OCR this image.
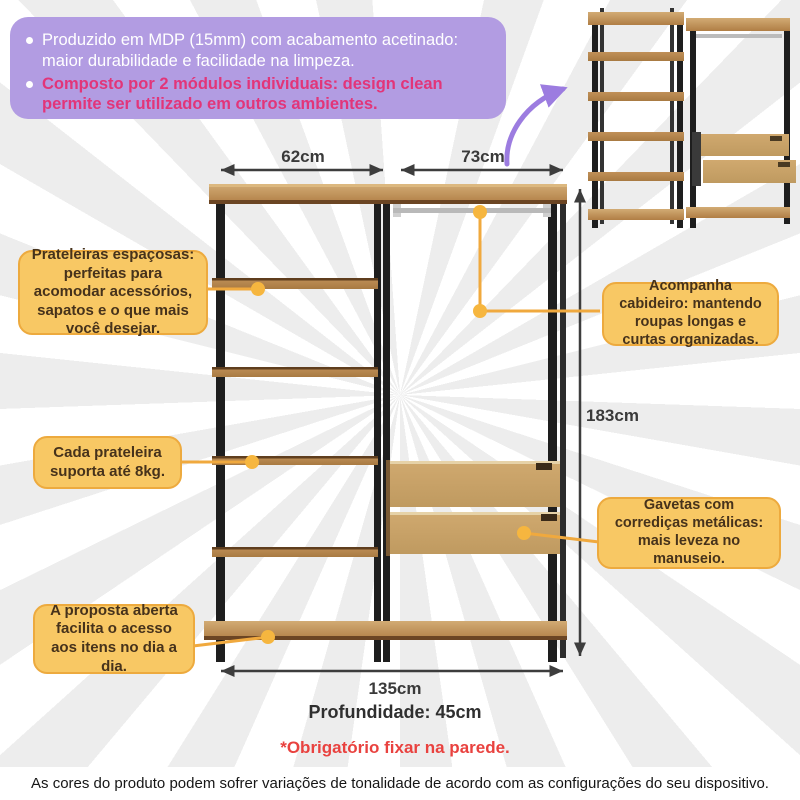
Produzido em MDP (15mm) com acabamento acetinado: maior durabilidade e facilidade na limpeza.
Composto por 2 módulos individuais: design clean permite ser utilizado em outros ambientes.
Prateleiras espaçosas: perfeitas para acomodar acessórios, sapatos e o que mais você desejar.
Acompanha cabideiro: mantendo roupas longas e curtas organizadas.
Cada prateleira suporta até 8kg.
Gavetas com corrediças metálicas: mais leveza no manuseio.
A proposta aberta facilita o acesso aos itens no dia a dia.
62cm	73cm
183cm
135cm
Profundidade: 45cm
*Obrigatório fixar na parede.
As cores do produto podem sofrer variações de tonalidade de acordo com as configurações do seu dispositivo.
